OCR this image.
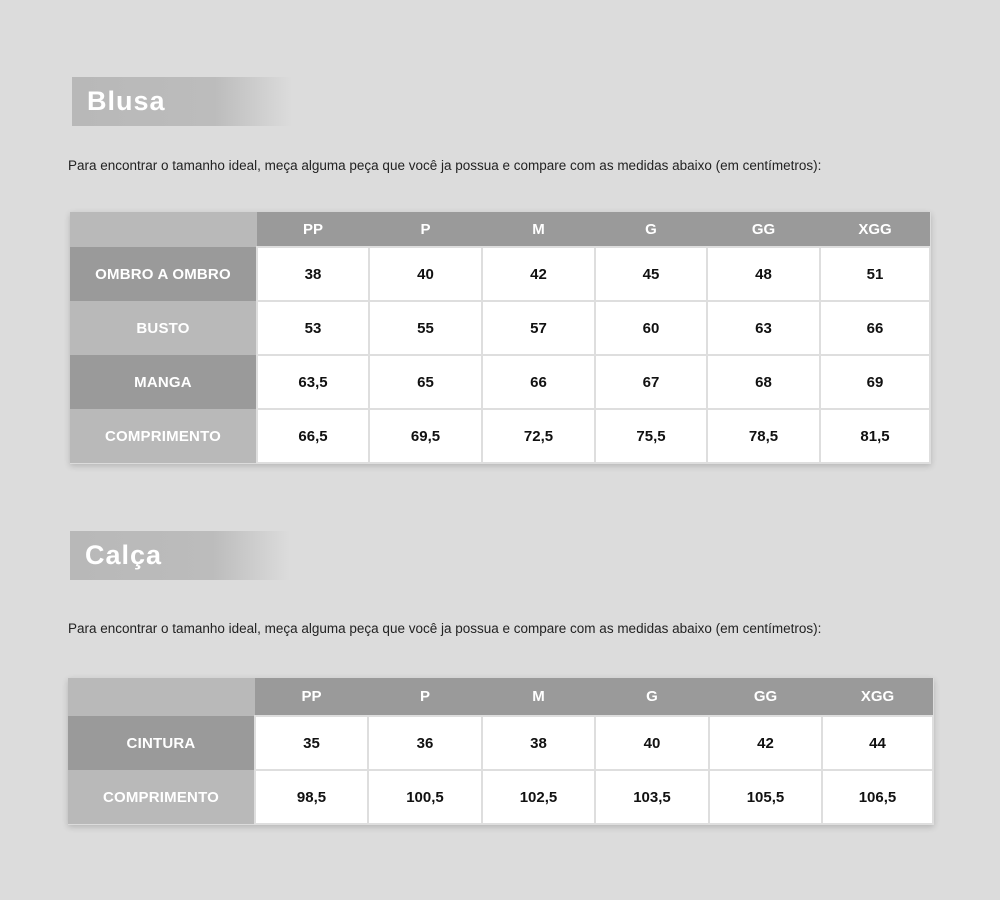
Blusa
Para encontrar o tamanho ideal, meça alguma peça que você ja possua e compare com as medidas abaixo (em centímetros):
	PP	P	M	G	GG	XGG
OMBRO A OMBRO	38	40	42	45	48	51
BUSTO	53	55	57	60	63	66
MANGA	63,5	65	66	67	68	69
COMPRIMENTO	66,5	69,5	72,5	75,5	78,5	81,5
Calça
Para encontrar o tamanho ideal, meça alguma peça que você ja possua e compare com as medidas abaixo (em centímetros):
	PP	P	M	G	GG	XGG
CINTURA	35	36	38	40	42	44
COMPRIMENTO	98,5	100,5	102,5	103,5	105,5	106,5
